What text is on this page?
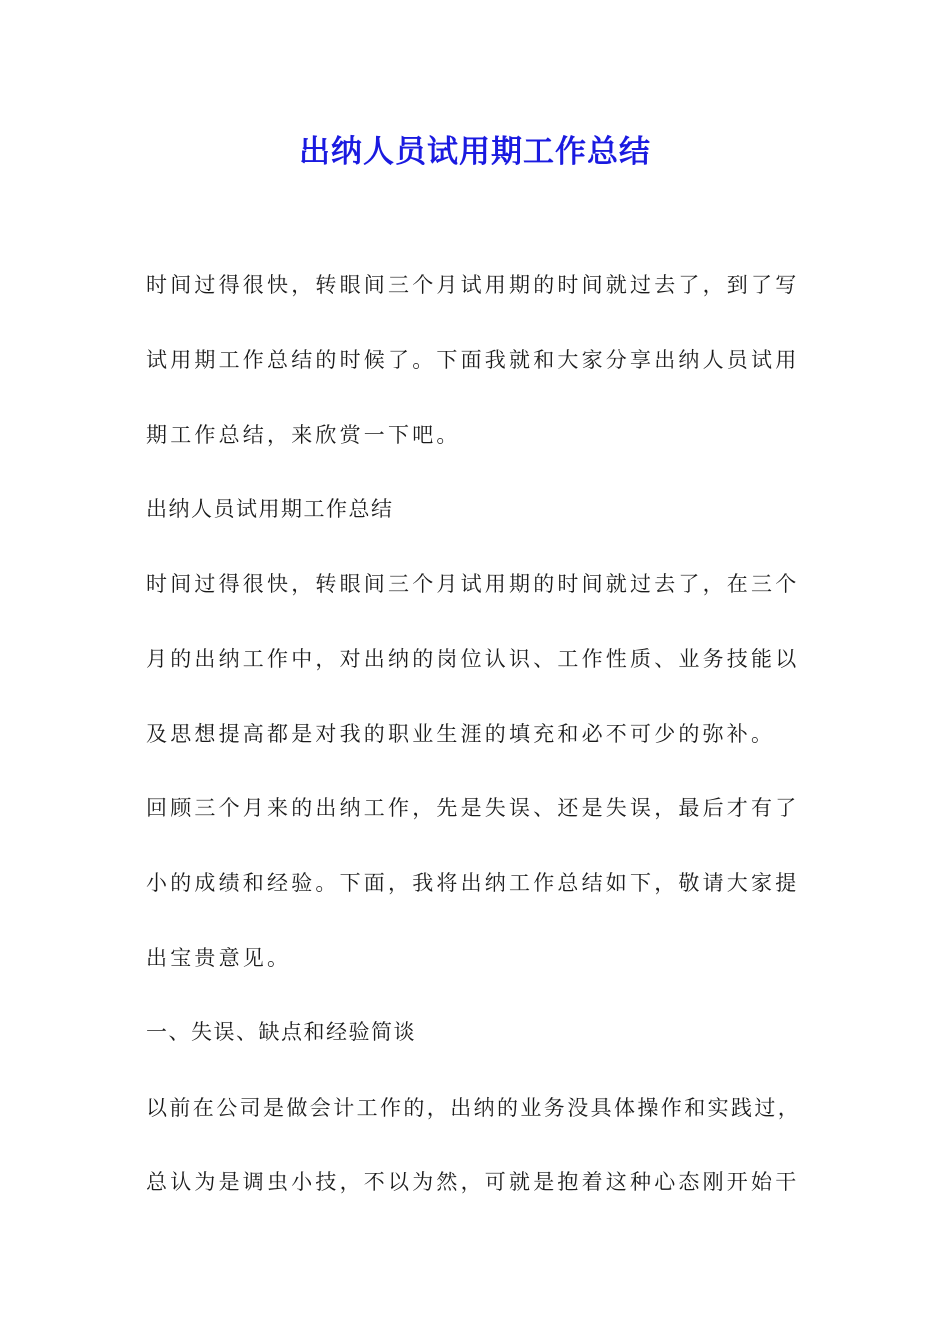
出纳人员试用期工作总结
时间过得很快，转眼间三个月试用期的时间就过去了，到了写
试用期工作总结的时候了。下面我就和大家分享出纳人员试用
期工作总结，来欣赏一下吧。
出纳人员试用期工作总结
时间过得很快，转眼间三个月试用期的时间就过去了，在三个
月的出纳工作中，对出纳的岗位认识、工作性质、业务技能以
及思想提高都是对我的职业生涯的填充和必不可少的弥补。
回顾三个月来的出纳工作，先是失误、还是失误，最后才有了
小的成绩和经验。下面，我将出纳工作总结如下，敬请大家提
出宝贵意见。
一、失误、缺点和经验简谈
以前在公司是做会计工作的，出纳的业务没具体操作和实践过，
总认为是调虫小技，不以为然，可就是抱着这种心态刚开始干
